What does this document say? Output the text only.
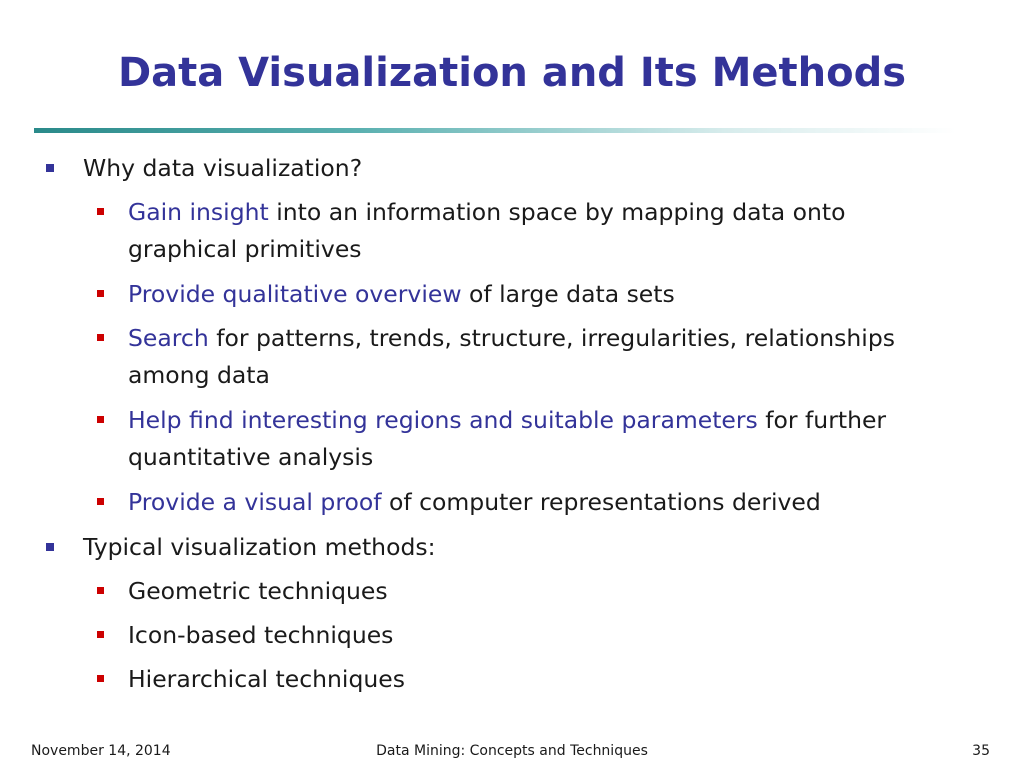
Data Visualization and Its Methods
Why data visualization?
Gain insight into an information space by mapping data onto graphical primitives
Provide qualitative overview of large data sets
Search for patterns, trends, structure, irregularities, relationships among data
Help find interesting regions and suitable parameters for further quantitative analysis
Provide a visual proof of computer representations derived
Typical visualization methods:
Geometric techniques
Icon-based techniques
Hierarchical techniques
November 14, 2014	Data Mining: Concepts and Techniques	35
